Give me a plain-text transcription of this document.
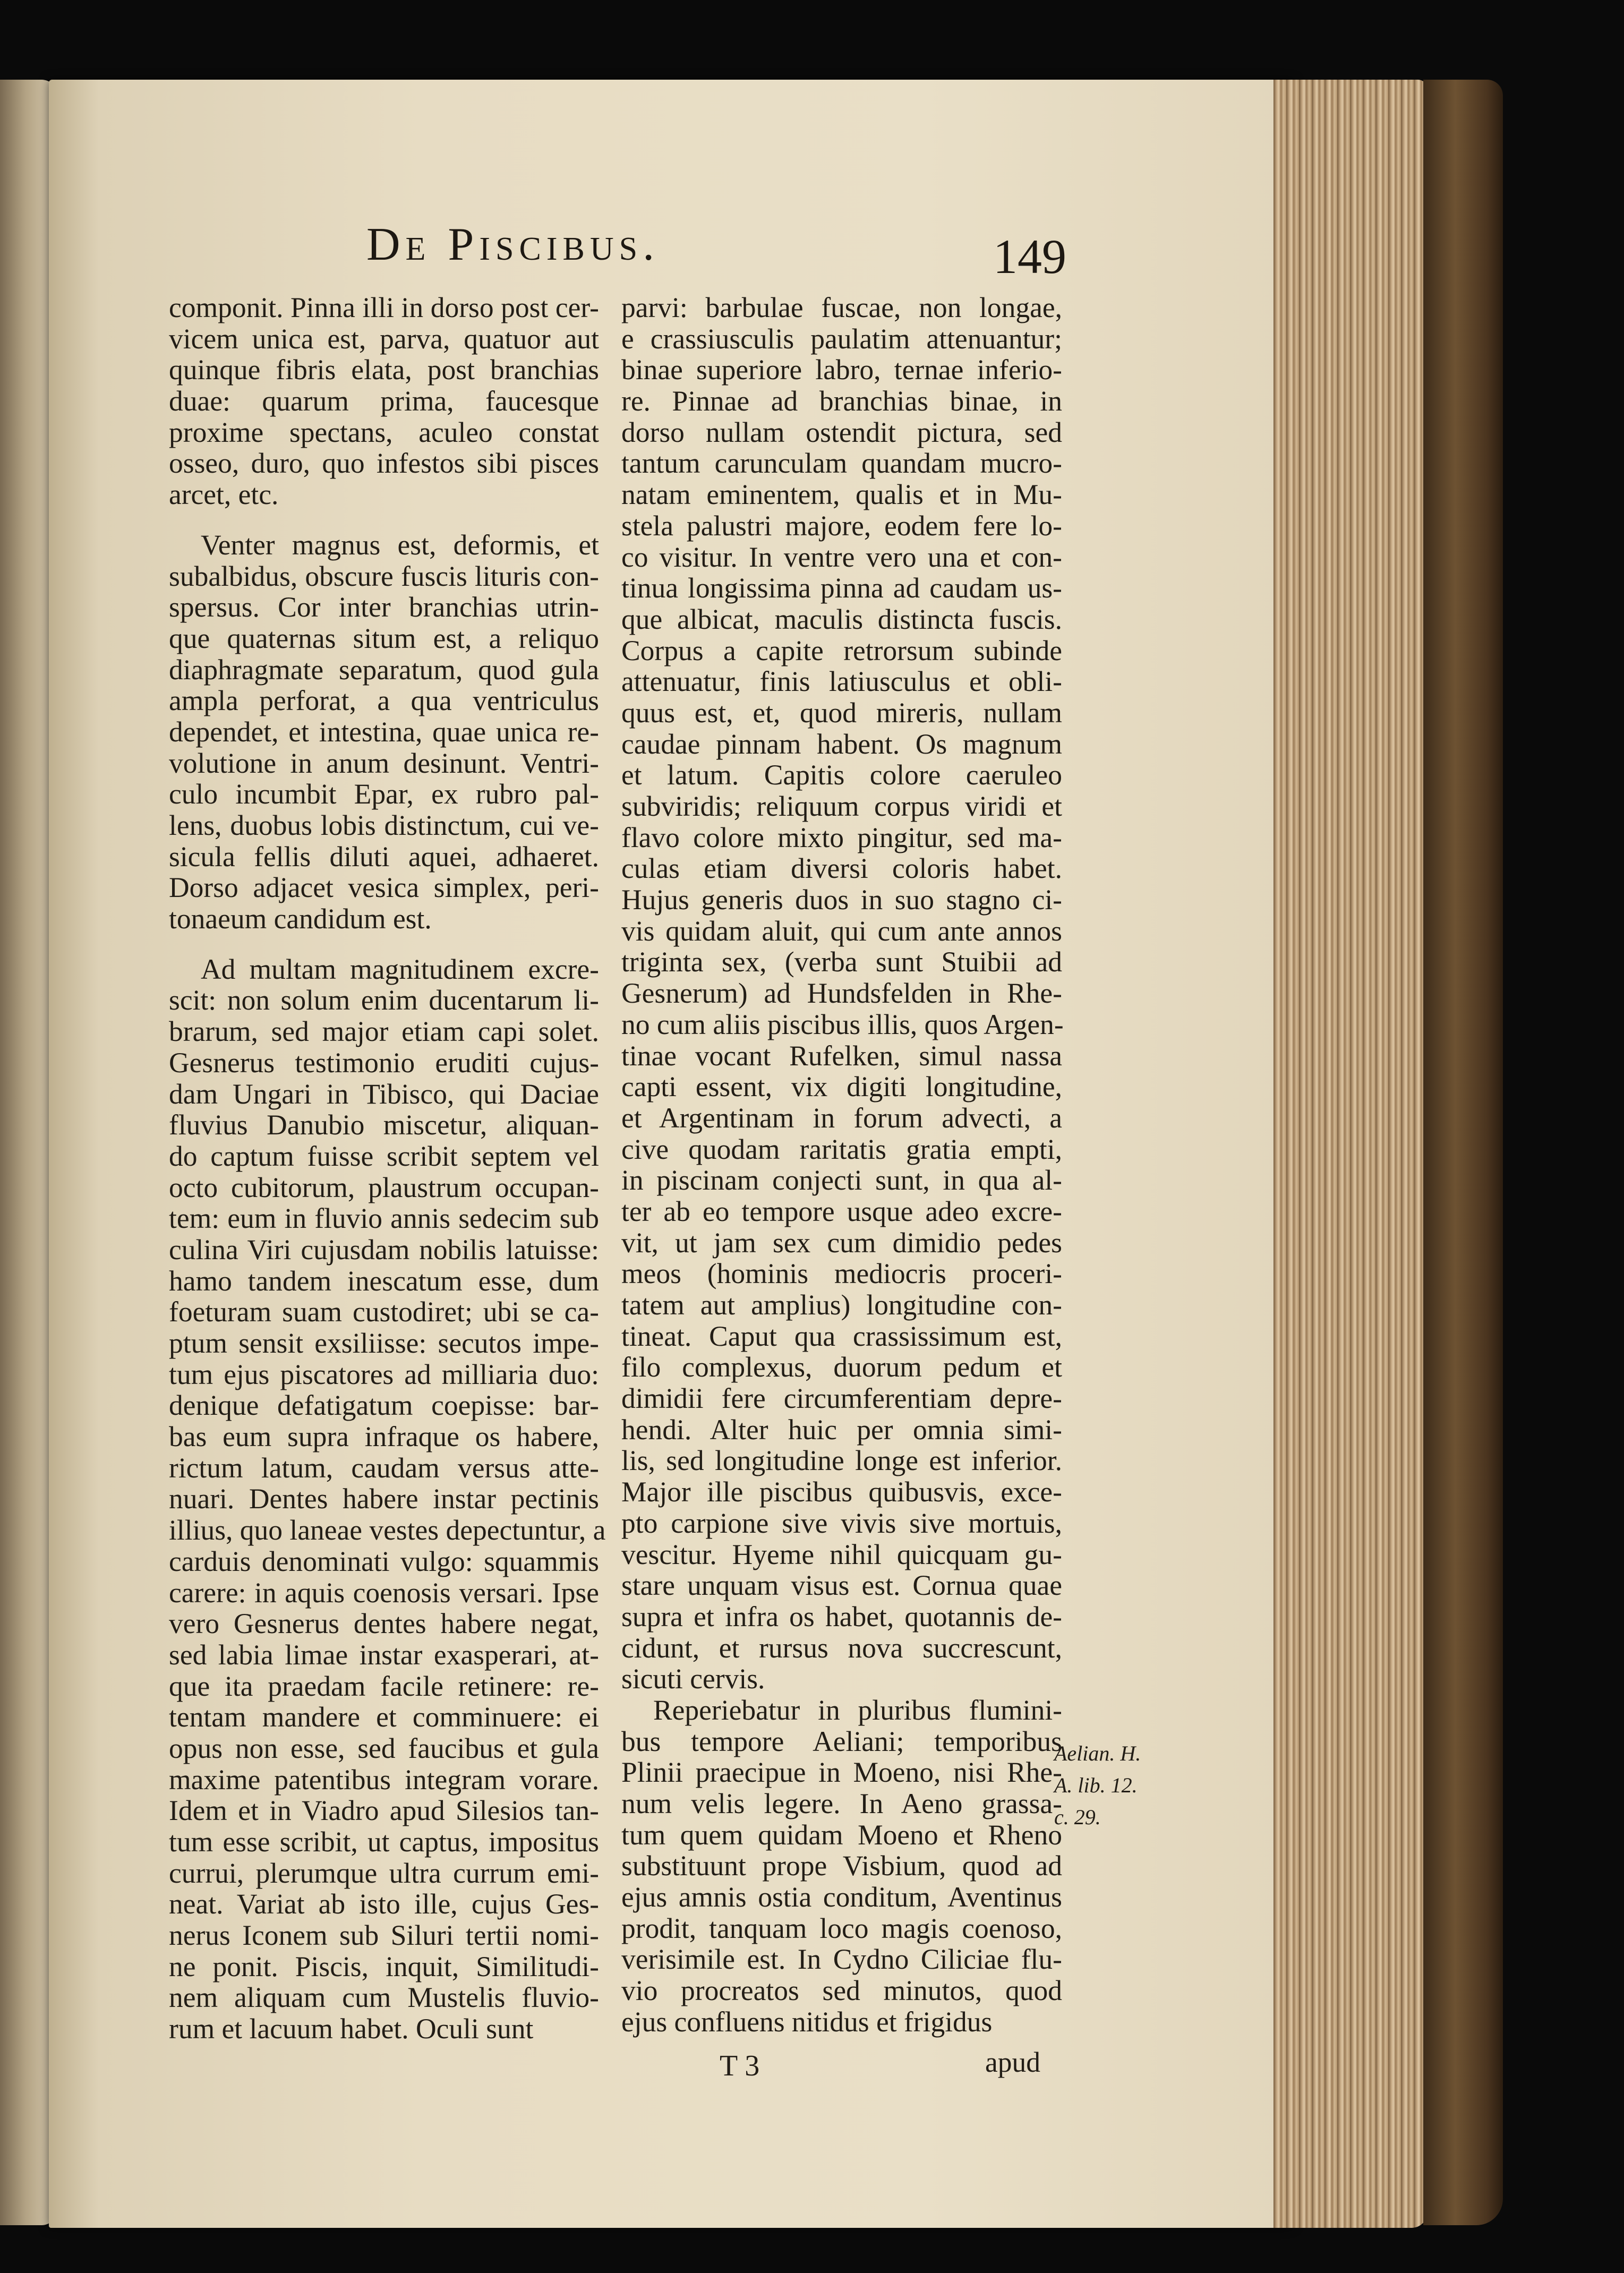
De Piscibus.	149
componit. Pinna illi in dorso post cer-
vicem unica est, parva, quatuor aut
quinque fibris elata, post branchias
duae: quarum prima, faucesque
proxime spectans, aculeo constat
osseo, duro, quo infestos sibi pisces
arcet, etc.
Venter magnus est, deformis, et
subalbidus, obscure fuscis lituris con-
spersus. Cor inter branchias utrin-
que quaternas situm est, a reliquo
diaphragmate separatum, quod gula
ampla perforat, a qua ventriculus
dependet, et intestina, quae unica re-
volutione in anum desinunt. Ventri-
culo incumbit Epar, ex rubro pal-
lens, duobus lobis distinctum, cui ve-
sicula fellis diluti aquei, adhaeret.
Dorso adjacet vesica simplex, peri-
tonaeum candidum est.
Ad multam magnitudinem excre-
scit: non solum enim ducentarum li-
brarum, sed major etiam capi solet.
Gesnerus testimonio eruditi cujus-
dam Ungari in Tibisco, qui Daciae
fluvius Danubio miscetur, aliquan-
do captum fuisse scribit septem vel
octo cubitorum, plaustrum occupan-
tem: eum in fluvio annis sedecim sub
culina Viri cujusdam nobilis latuisse:
hamo tandem inescatum esse, dum
foeturam suam custodiret; ubi se ca-
ptum sensit exsiliisse: secutos impe-
tum ejus piscatores ad milliaria duo:
denique defatigatum coepisse: bar-
bas eum supra infraque os habere,
rictum latum, caudam versus atte-
nuari. Dentes habere instar pectinis
illius, quo laneae vestes depectuntur, a
carduis denominati vulgo: squammis
carere: in aquis coenosis versari. Ipse
vero Gesnerus dentes habere negat,
sed labia limae instar exasperari, at-
que ita praedam facile retinere: re-
tentam mandere et comminuere: ei
opus non esse, sed faucibus et gula
maxime patentibus integram vorare.
Idem et in Viadro apud Silesios tan-
tum esse scribit, ut captus, impositus
currui, plerumque ultra currum emi-
neat. Variat ab isto ille, cujus Ges-
nerus Iconem sub Siluri tertii nomi-
ne ponit. Piscis, inquit, Similitudi-
nem aliquam cum Mustelis fluvio-
rum et lacuum habet. Oculi sunt
parvi: barbulae fuscae, non longae,
e crassiusculis paulatim attenuantur;
binae superiore labro, ternae inferio-
re. Pinnae ad branchias binae, in
dorso nullam ostendit pictura, sed
tantum carunculam quandam mucro-
natam eminentem, qualis et in Mu-
stela palustri majore, eodem fere lo-
co visitur. In ventre vero una et con-
tinua longissima pinna ad caudam us-
que albicat, maculis distincta fuscis.
Corpus a capite retrorsum subinde
attenuatur, finis latiusculus et obli-
quus est, et, quod mireris, nullam
caudae pinnam habent. Os magnum
et latum. Capitis colore caeruleo
subviridis; reliquum corpus viridi et
flavo colore mixto pingitur, sed ma-
culas etiam diversi coloris habet.
Hujus generis duos in suo stagno ci-
vis quidam aluit, qui cum ante annos
triginta sex, (verba sunt Stuibii ad
Gesnerum) ad Hundsfelden in Rhe-
no cum aliis piscibus illis, quos Argen-
tinae vocant Rufelken, simul nassa
capti essent, vix digiti longitudine,
et Argentinam in forum advecti, a
cive quodam raritatis gratia empti,
in piscinam conjecti sunt, in qua al-
ter ab eo tempore usque adeo excre-
vit, ut jam sex cum dimidio pedes
meos (hominis mediocris proceri-
tatem aut amplius) longitudine con-
tineat. Caput qua crassissimum est,
filo complexus, duorum pedum et
dimidii fere circumferentiam depre-
hendi. Alter huic per omnia simi-
lis, sed longitudine longe est inferior.
Major ille piscibus quibusvis, exce-
pto carpione sive vivis sive mortuis,
vescitur. Hyeme nihil quicquam gu-
stare unquam visus est. Cornua quae
supra et infra os habet, quotannis de-
cidunt, et rursus nova succrescunt,
sicuti cervis.
Reperiebatur in pluribus flumini-
bus tempore Aeliani; temporibus
Plinii praecipue in Moeno, nisi Rhe-
num velis legere. In Aeno grassa-
tum quem quidam Moeno et Rheno
substituunt prope Visbium, quod ad
ejus amnis ostia conditum, Aventinus
prodit, tanquam loco magis coenoso,
verisimile est. In Cydno Ciliciae flu-
vio procreatos sed minutos, quod
ejus confluens nitidus et frigidus
Aelian. H.
A. lib. 12.
c. 29.
T 3	apud
